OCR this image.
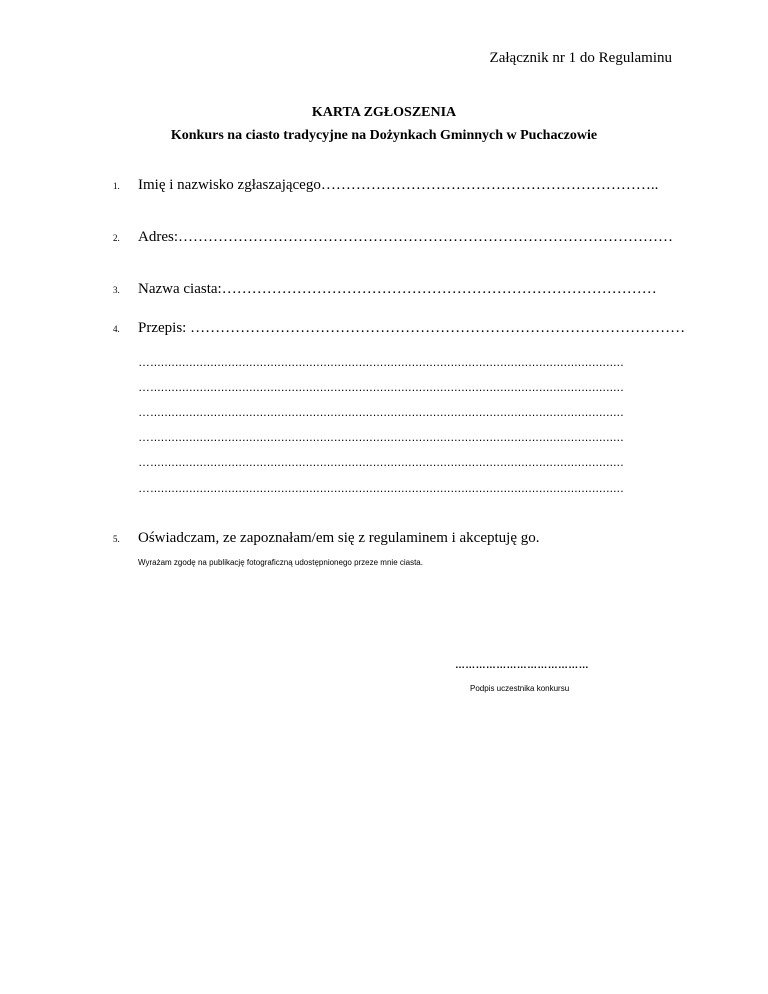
Załącznik nr 1 do Regulaminu
KARTA ZGŁOSZENIA
Konkurs na ciasto tradycyjne na Dożynkach Gminnych w Puchaczowie
1. Imię i nazwisko zgłaszającego…………………………………………………………..
2. Adres:………………………………………………………………………………………
3. Nazwa ciasta:……………………………………………………………………………
4. Przepis: ………………………………………………………………………………………
…......................................................................................................................................
…......................................................................................................................................
…......................................................................................................................................
…......................................................................................................................................
…......................................................................................................................................
…......................................................................................................................................
5. Oświadczam, ze zapoznałam/em się z regulaminem i akceptuję go.
Wyrażam zgodę na publikację fotograficzną udostępnionego przeze mnie ciasta.
…………………………………
Podpis uczestnika konkursu
